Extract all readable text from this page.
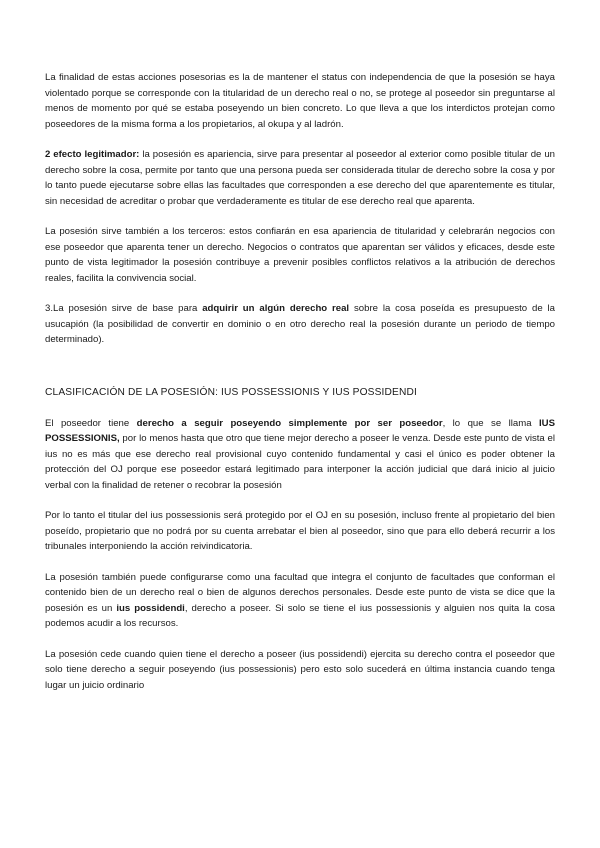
La finalidad de estas acciones posesorias es la de mantener el status con independencia de que la posesión se haya violentado porque se corresponde con la titularidad de un derecho real o no, se protege al poseedor sin preguntarse al menos de momento por qué se estaba poseyendo un bien concreto. Lo que lleva a que los interdictos protejan como poseedores de la misma forma a los propietarios, al okupa y al ladrón.

2 efecto legitimador: la posesión es apariencia, sirve para presentar al poseedor al exterior como posible titular de un derecho sobre la cosa, permite por tanto que una persona pueda ser considerada titular de derecho sobre la cosa y por lo tanto puede ejecutarse sobre ellas las facultades que corresponden a ese derecho del que aparentemente es titular, sin necesidad de acreditar o probar que verdaderamente es titular de ese derecho real que aparenta.

La posesión sirve también a los terceros: estos confiarán en esa apariencia de titularidad y celebrarán negocios con ese poseedor que aparenta tener un derecho. Negocios o contratos que aparentan ser válidos y eficaces, desde este punto de vista legitimador la posesión contribuye a prevenir posibles conflictos relativos a la atribución de derechos reales, facilita la convivencia social.

3.La posesión sirve de base para adquirir un algún derecho real sobre la cosa poseída es presupuesto de la usucapión (la posibilidad de convertir en dominio o en otro derecho real la posesión durante un periodo de tiempo determinado).

CLASIFICACIÓN DE LA POSESIÓN: IUS POSSESSIONIS Y IUS POSSIDENDI

El poseedor tiene derecho a seguir poseyendo simplemente por ser poseedor, lo que se llama IUS POSSESSIONIS, por lo menos hasta que otro que tiene mejor derecho a poseer le venza. Desde este punto de vista el ius no es más que ese derecho real provisional cuyo contenido fundamental y casi el único es poder obtener la protección del OJ porque ese poseedor estará legitimado para interponer la acción judicial que dará inicio al juicio verbal con la finalidad de retener o recobrar la posesión

Por lo tanto el titular del ius possessionis será protegido por el OJ en su posesión, incluso frente al propietario del bien poseído, propietario que no podrá por su cuenta arrebatar el bien al poseedor, sino que para ello deberá recurrir a los tribunales interponiendo la acción reivindicatoria.

La posesión también puede configurarse como una facultad que integra el conjunto de facultades que conforman el contenido bien de un derecho real o bien de algunos derechos personales. Desde este punto de vista se dice que la posesión es un ius possidendi, derecho a poseer. Si solo se tiene el ius possessionis y alguien nos quita la cosa podemos acudir a los recursos.

La posesión cede cuando quien tiene el derecho a poseer (ius possidendi) ejercita su derecho contra el poseedor que solo tiene derecho a seguir poseyendo (ius possessionis) pero esto solo sucederá en última instancia cuando tenga lugar un juicio ordinario
